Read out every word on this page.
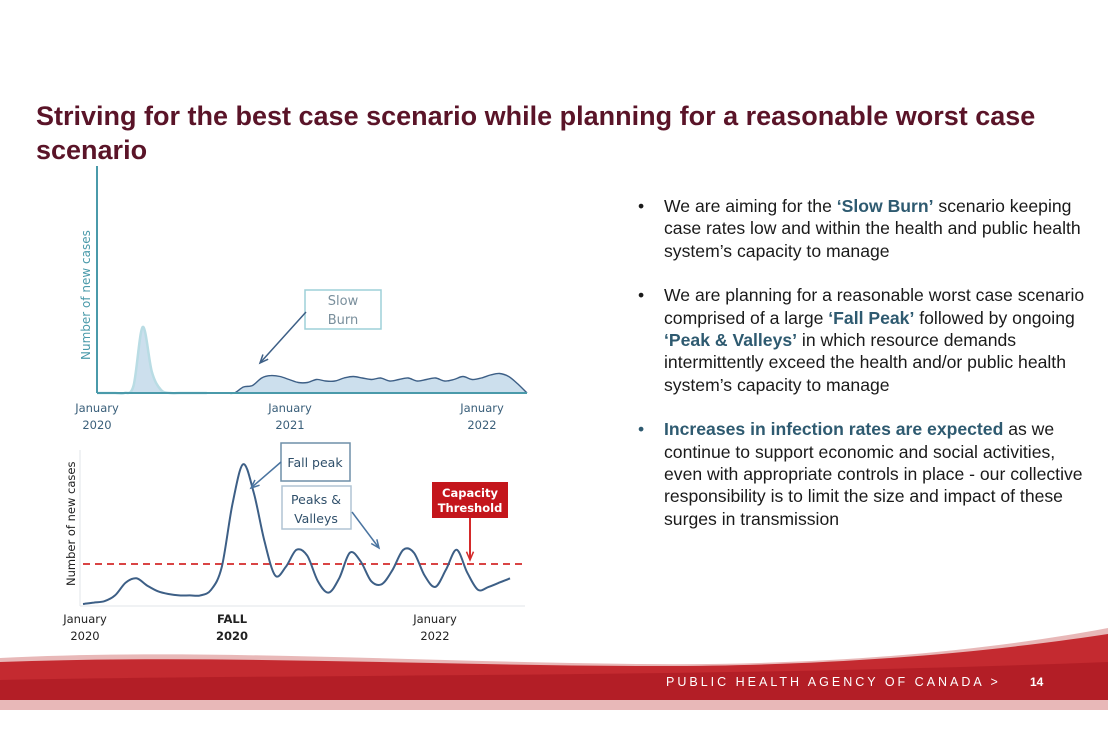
Striving for the best case scenario while planning for a reasonable worst case scenario
Number of new cases
January 2020
January 2021
January 2022
Slow Burn
Number of new cases
January 2020
FALL 2020
January 2022
Fall peak
Peaks & Valleys
Capacity Threshold
• We are aiming for the ‘Slow Burn’ scenario keeping case rates low and within the health and public health system’s capacity to manage
• We are planning for a reasonable worst case scenario comprised of a large ‘Fall Peak’ followed by ongoing ‘Peak & Valleys’ in which resource demands intermittently exceed the health and/or public health system’s capacity to manage
• Increases in infection rates are expected as we continue to support economic and social activities, even with appropriate controls in place - our collective responsibility is to limit the size and impact of these surges in transmission
PUBLIC HEALTH AGENCY OF CANADA > 14
